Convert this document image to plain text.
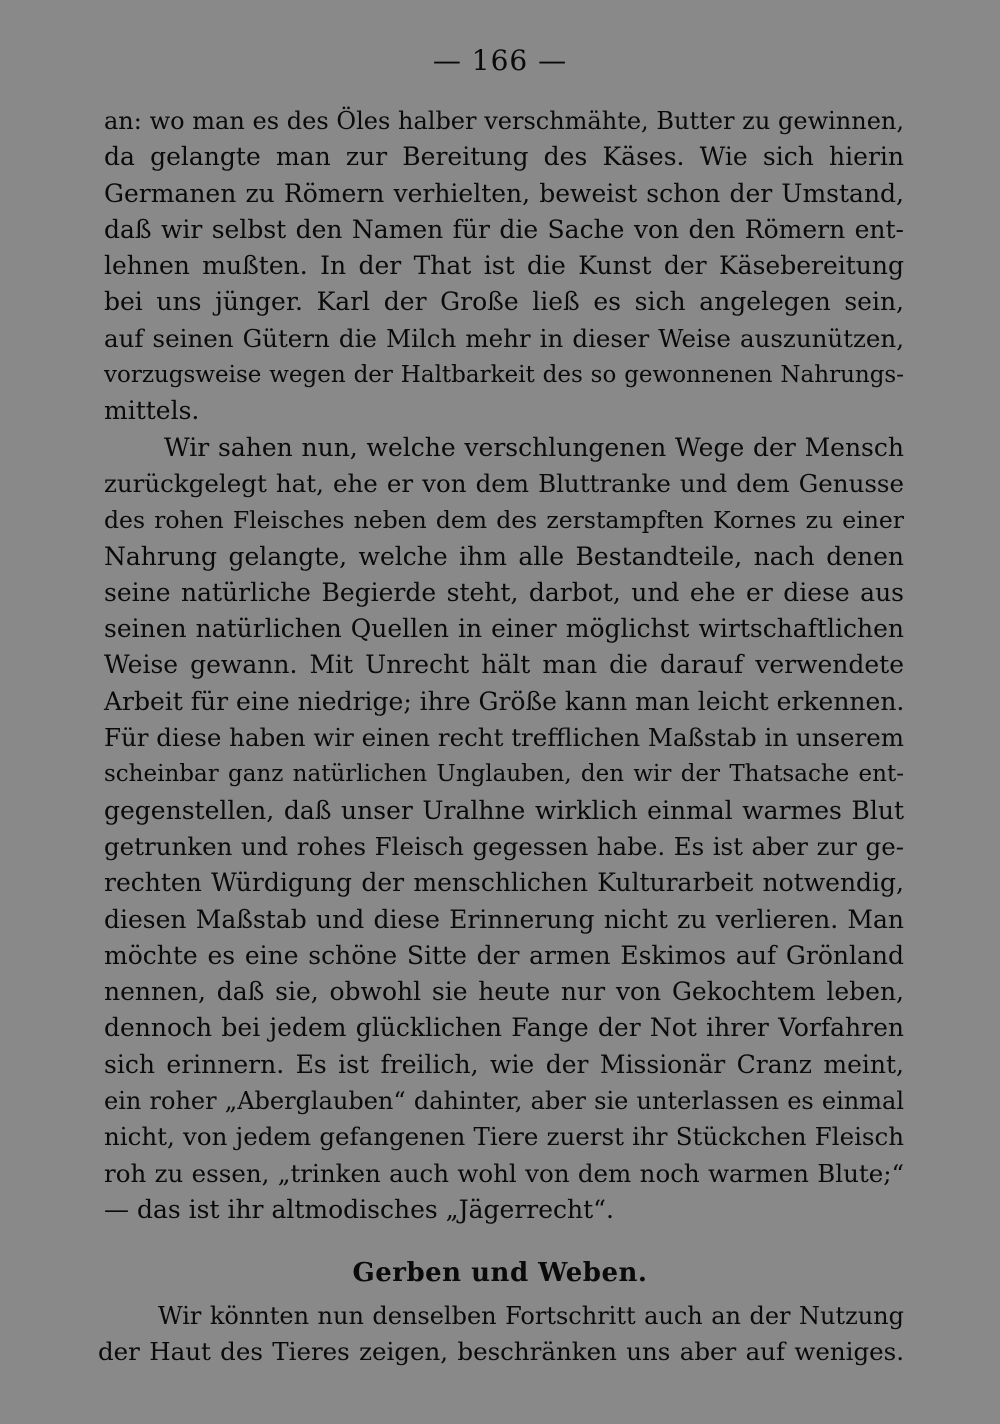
— 166 —
an: wo man es des Öles halber verschmähte, Butter zu gewinnen,
da gelangte man zur Bereitung des Käses. Wie sich hierin
Germanen zu Römern verhielten, beweist schon der Umstand,
daß wir selbst den Namen für die Sache von den Römern ent-
lehnen mußten. In der That ist die Kunst der Käsebereitung
bei uns jünger. Karl der Große ließ es sich angelegen sein,
auf seinen Gütern die Milch mehr in dieser Weise auszunützen,
vorzugsweise wegen der Haltbarkeit des so gewonnenen Nahrungs-
mittels.
Wir sahen nun, welche verschlungenen Wege der Mensch
zurückgelegt hat, ehe er von dem Bluttranke und dem Genusse
des rohen Fleisches neben dem des zerstampften Kornes zu einer
Nahrung gelangte, welche ihm alle Bestandteile, nach denen
seine natürliche Begierde steht, darbot, und ehe er diese aus
seinen natürlichen Quellen in einer möglichst wirtschaftlichen
Weise gewann. Mit Unrecht hält man die darauf verwendete
Arbeit für eine niedrige; ihre Größe kann man leicht erkennen.
Für diese haben wir einen recht trefflichen Maßstab in unserem
scheinbar ganz natürlichen Unglauben, den wir der Thatsache ent-
gegenstellen, daß unser Uralhne wirklich einmal warmes Blut
getrunken und rohes Fleisch gegessen habe. Es ist aber zur ge-
rechten Würdigung der menschlichen Kulturarbeit notwendig,
diesen Maßstab und diese Erinnerung nicht zu verlieren. Man
möchte es eine schöne Sitte der armen Eskimos auf Grönland
nennen, daß sie, obwohl sie heute nur von Gekochtem leben,
dennoch bei jedem glücklichen Fange der Not ihrer Vorfahren
sich erinnern. Es ist freilich, wie der Missionär Cranz meint,
ein roher „Aberglauben“ dahinter, aber sie unterlassen es einmal
nicht, von jedem gefangenen Tiere zuerst ihr Stückchen Fleisch
roh zu essen, „trinken auch wohl von dem noch warmen Blute;“
— das ist ihr altmodisches „Jägerrecht“.
Gerben und Weben.
Wir könnten nun denselben Fortschritt auch an der Nutzung
der Haut des Tieres zeigen, beschränken uns aber auf weniges.
